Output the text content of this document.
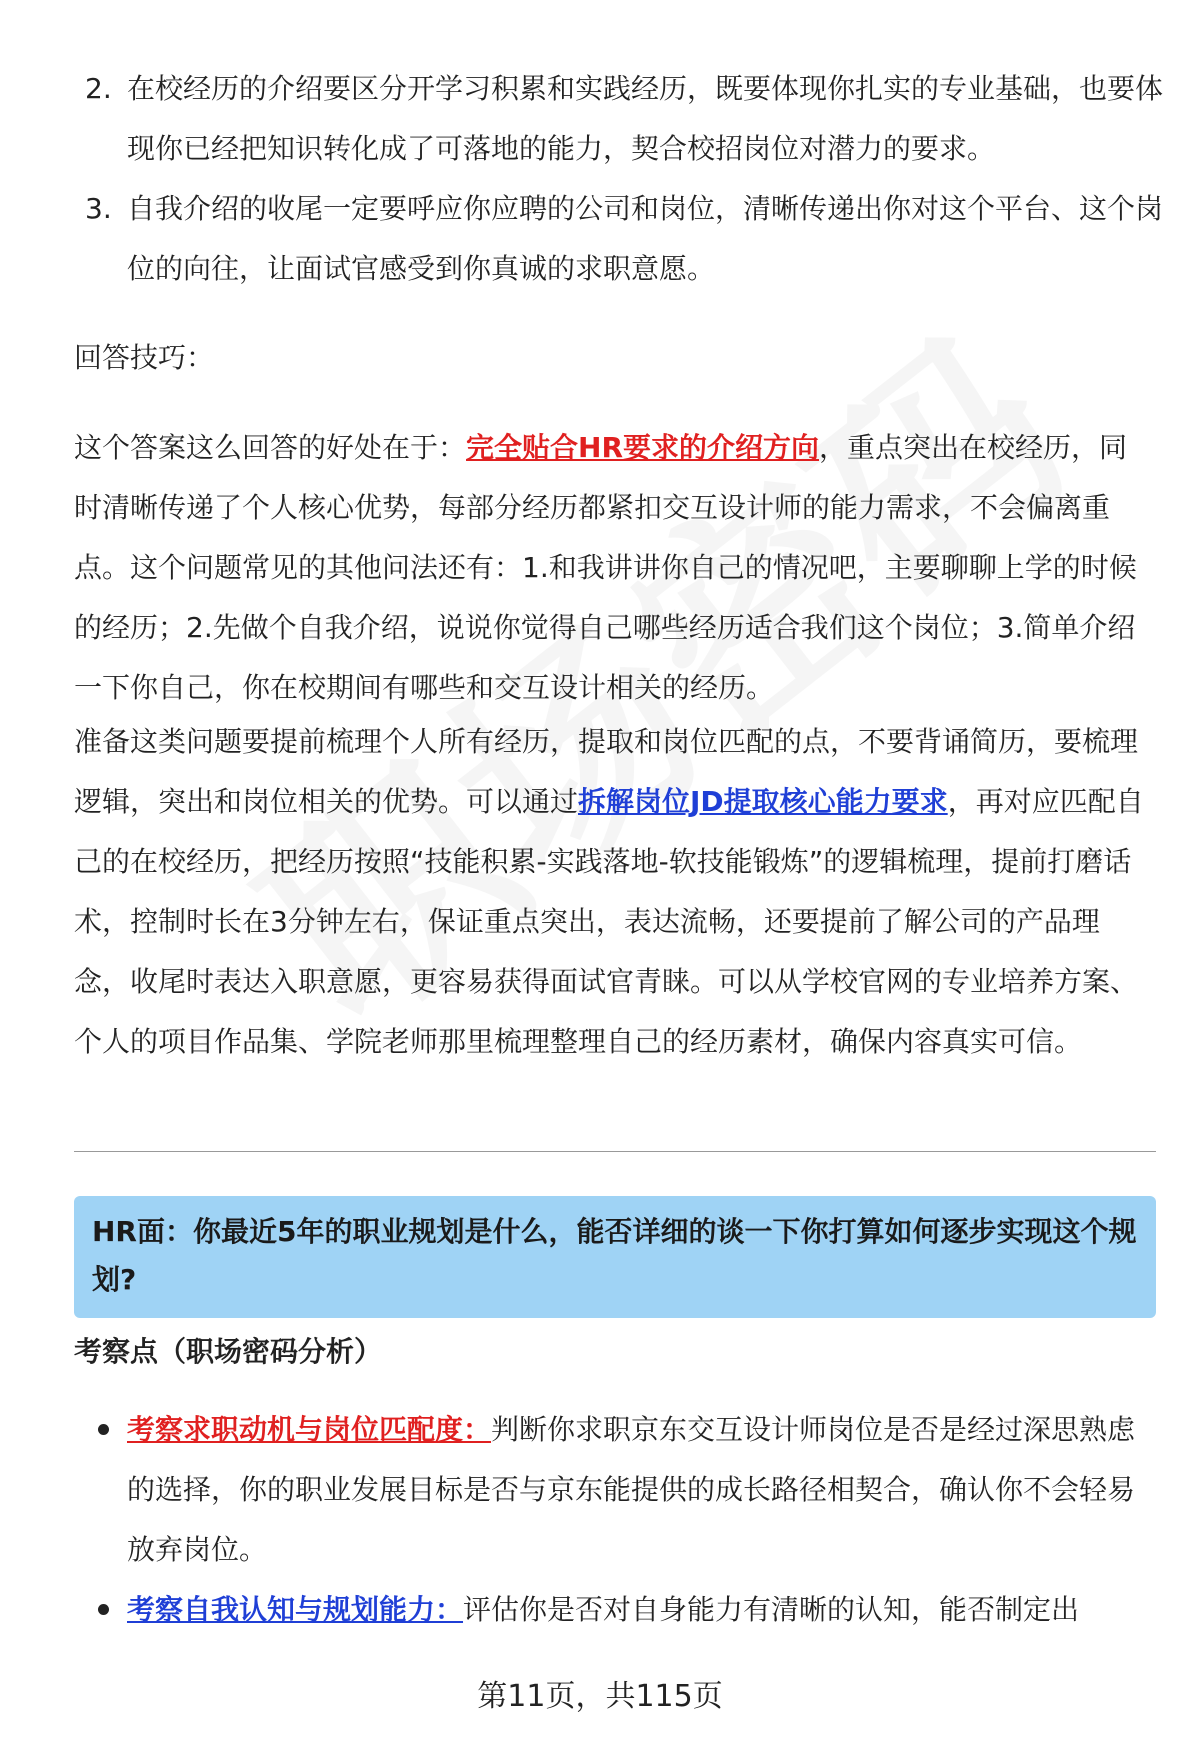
2. 在校经历的介绍要区分开学习积累和实践经历，既要体现你扎实的专业基础，也要体现你已经把知识转化成了可落地的能力，契合校招岗位对潜力的要求。
3. 自我介绍的收尾一定要呼应你应聘的公司和岗位，清晰传递出你对这个平台、这个岗位的向往，让面试官感受到你真诚的求职意愿。
回答技巧：
这个答案这么回答的好处在于：完全贴合HR要求的介绍方向，重点突出在校经历，同时清晰传递了个人核心优势，每部分经历都紧扣交互设计师的能力需求，不会偏离重点。这个问题常见的其他问法还有：1.和我讲讲你自己的情况吧，主要聊聊上学的时候的经历；2.先做个自我介绍，说说你觉得自己哪些经历适合我们这个岗位；3.简单介绍一下你自己，你在校期间有哪些和交互设计相关的经历。
准备这类问题要提前梳理个人所有经历，提取和岗位匹配的点，不要背诵简历，要梳理逻辑，突出和岗位相关的优势。可以通过拆解岗位JD提取核心能力要求，再对应匹配自己的在校经历，把经历按照“技能积累-实践落地-软技能锻炼”的逻辑梳理，提前打磨话术，控制时长在3分钟左右，保证重点突出，表达流畅，还要提前了解公司的产品理念，收尾时表达入职意愿，更容易获得面试官青睐。可以从学校官网的专业培养方案、个人的项目作品集、学院老师那里梳理整理自己的经历素材，确保内容真实可信。
HR面：你最近5年的职业规划是什么，能否详细的谈一下你打算如何逐步实现这个规划?
考察点（职场密码分析）
考察求职动机与岗位匹配度：判断你求职京东交互设计师岗位是否是经过深思熟虑的选择，你的职业发展目标是否与京东能提供的成长路径相契合，确认你不会轻易放弃岗位。
考察自我认知与规划能力：评估你是否对自身能力有清晰的认知，能否制定出
第11页，共115页
